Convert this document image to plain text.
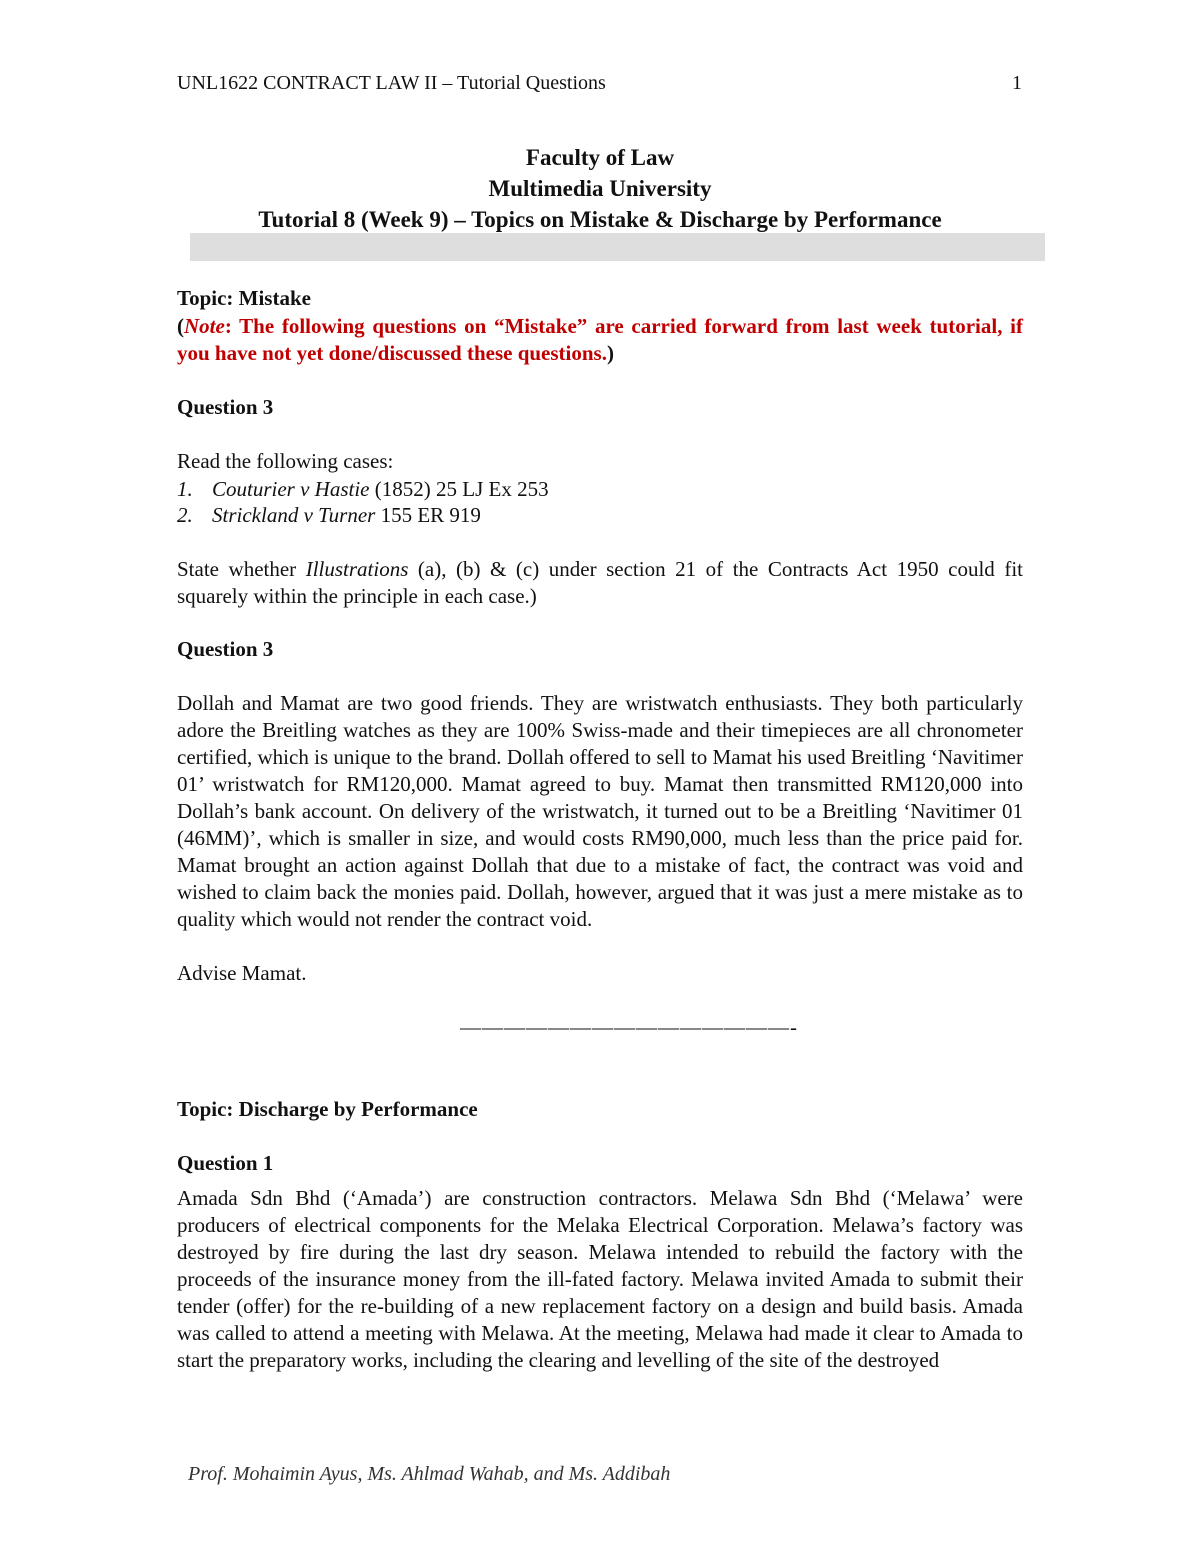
UNL1622 CONTRACT LAW II – Tutorial Questions	1
Faculty of Law
Multimedia University
Tutorial 8 (Week 9) – Topics on Mistake & Discharge by Performance
Topic: Mistake
(Note: The following questions on “Mistake” are carried forward from last week tutorial, if you have not yet done/discussed these questions.)
Question 3
Read the following cases:
1. Couturier v Hastie (1852) 25 LJ Ex 253
2. Strickland v Turner 155 ER 919
State whether Illustrations (a), (b) & (c) under section 21 of the Contracts Act 1950 could fit squarely within the principle in each case.)
Question 3
Dollah and Mamat are two good friends. They are wristwatch enthusiasts. They both particularly adore the Breitling watches as they are 100% Swiss-made and their timepieces are all chronometer certified, which is unique to the brand. Dollah offered to sell to Mamat his used Breitling ‘Navitimer 01’ wristwatch for RM120,000. Mamat agreed to buy. Mamat then transmitted RM120,000 into Dollah’s bank account. On delivery of the wristwatch, it turned out to be a Breitling ‘Navitimer 01 (46MM)’, which is smaller in size, and would costs RM90,000, much less than the price paid for. Mamat brought an action against Dollah that due to a mistake of fact, the contract was void and wished to claim back the monies paid. Dollah, however, argued that it was just a mere mistake as to quality which would not render the contract void.
Advise Mamat.
———————————————-
Topic: Discharge by Performance
Question 1
Amada Sdn Bhd (‘Amada’) are construction contractors. Melawa Sdn Bhd (‘Melawa’ were producers of electrical components for the Melaka Electrical Corporation. Melawa’s factory was destroyed by fire during the last dry season. Melawa intended to rebuild the factory with the proceeds of the insurance money from the ill-fated factory. Melawa invited Amada to submit their tender (offer) for the re-building of a new replacement factory on a design and build basis. Amada was called to attend a meeting with Melawa. At the meeting, Melawa had made it clear to Amada to start the preparatory works, including the clearing and levelling of the site of the destroyed
Prof. Mohaimin Ayus, Ms. Ahlmad Wahab, and Ms. Addibah
